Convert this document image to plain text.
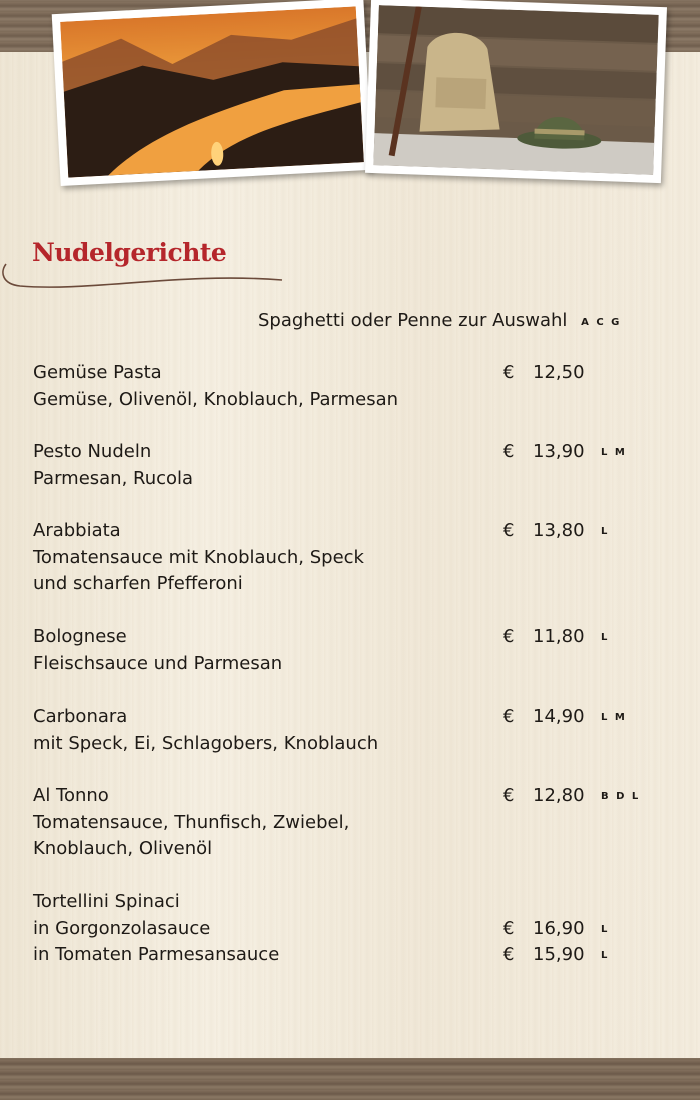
Nudelgerichte
Spaghetti oder Penne zur Auswahl A C G
Gemüse Pasta	€ 12,50
Gemüse, Olivenöl, Knoblauch, Parmesan
Pesto Nudeln	€ 13,90 L M
Parmesan, Rucola
Arabbiata	€ 13,80 L
Tomatensauce mit Knoblauch, Speck
und scharfen Pfefferoni
Bolognese	€ 11,80 L
Fleischsauce und Parmesan
Carbonara	€ 14,90 L M
mit Speck, Ei, Schlagobers, Knoblauch
Al Tonno	€ 12,80 B D L
Tomatensauce, Thunfisch, Zwiebel,
Knoblauch, Olivenöl
Tortellini Spinaci
in Gorgonzolasauce	€ 16,90 L
in Tomaten Parmesansauce	€ 15,90 L
